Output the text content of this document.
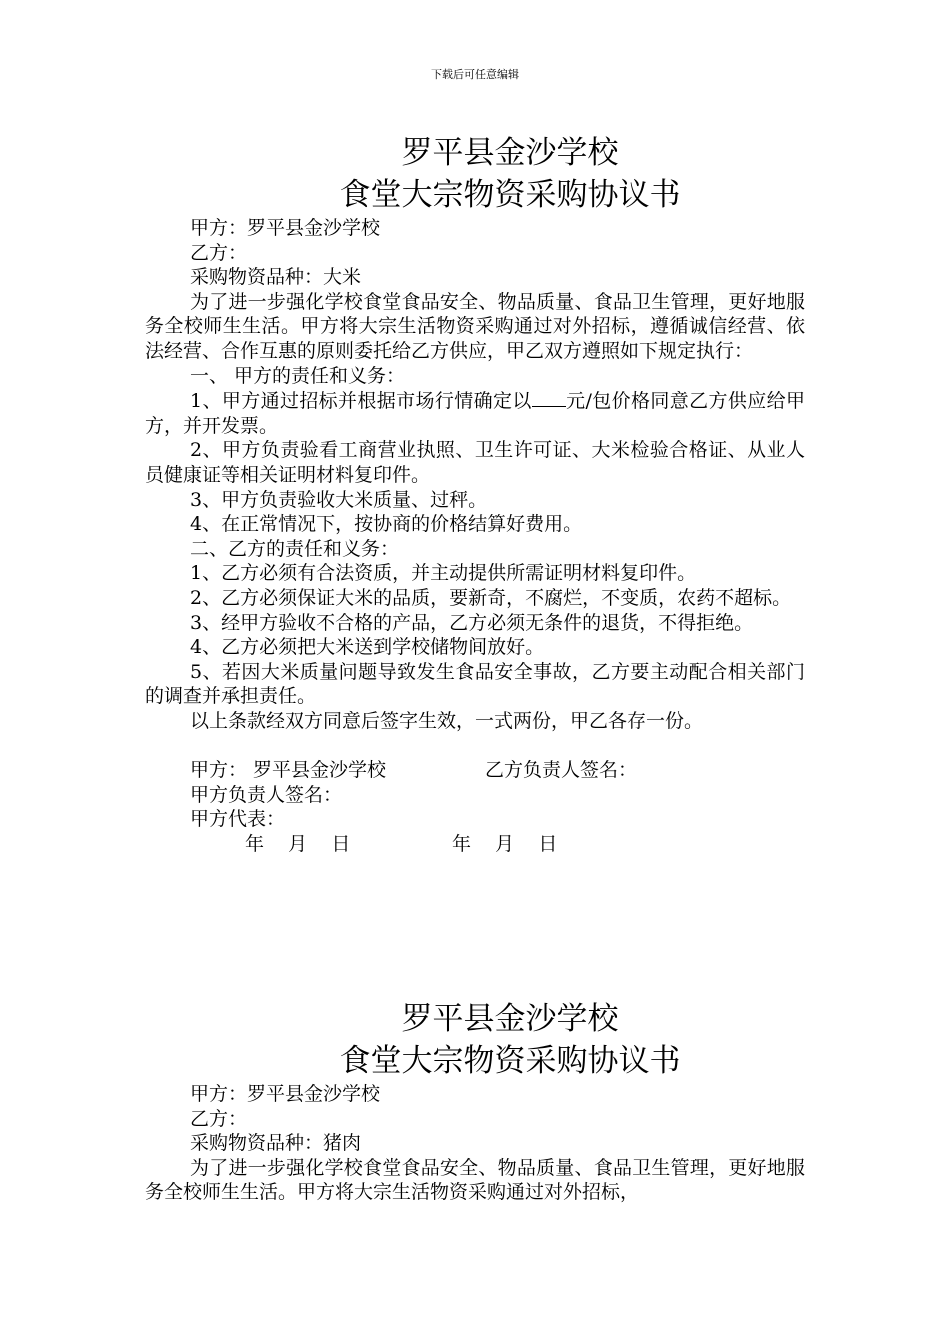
下载后可任意编辑
罗平县金沙学校
食堂大宗物资采购协议书

甲方：罗平县金沙学校

乙方：

采购物资品种：大米

为了进一步强化学校食堂食品安全、物品质量、食品卫生管理，更好地服务全校师生生活。甲方将大宗生活物资采购通过对外招标，遵循诚信经营、依法经营、合作互惠的原则委托给乙方供应，甲乙双方遵照如下规定执行：

一、 甲方的责任和义务：

1、甲方通过招标并根据市场行情确定以 元/包价格同意乙方供应给甲方，并开发票。

2、甲方负责验看工商营业执照、卫生许可证、大米检验合格证、从业人员健康证等相关证明材料复印件。

3、甲方负责验收大米质量、过秤。

4、在正常情况下，按协商的价格结算好费用。

二、乙方的责任和义务：

1、乙方必须有合法资质，并主动提供所需证明材料复印件。

2、乙方必须保证大米的品质，要新奇，不腐烂，不变质，农药不超标。

3、经甲方验收不合格的产品，乙方必须无条件的退货，不得拒绝。

4、乙方必须把大米送到学校储物间放好。

5、若因大米质量问题导致发生食品安全事故，乙方要主动配合相关部门的调查并承担责任。

以上条款经双方同意后签字生效，一式两份，甲乙各存一份。

甲方： 罗平县金沙学校	乙方负责人签名：

甲方负责人签名：

甲方代表：

年    月    日	年    月    日

罗平县金沙学校
食堂大宗物资采购协议书

甲方：罗平县金沙学校

乙方：

采购物资品种：猪肉

为了进一步强化学校食堂食品安全、物品质量、食品卫生管理，更好地服务全校师生生活。甲方将大宗生活物资采购通过对外招标，
